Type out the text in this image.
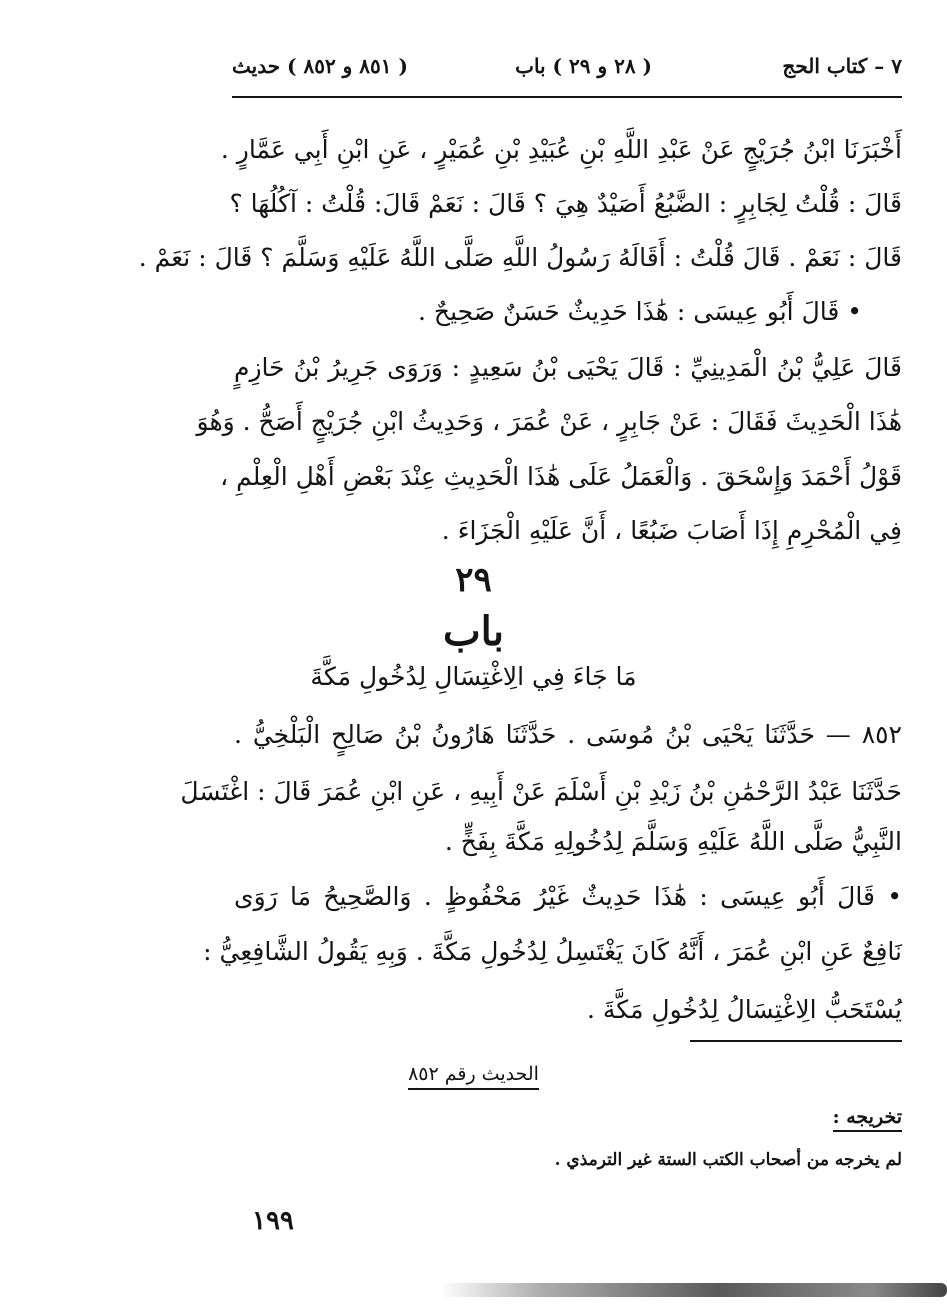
٧ – كتاب الحج
( ٢٨ و ٢٩ ) باب
( ٨٥١ و ٨٥٢ ) حديث
أَخْبَرَنَا ابْنُ جُرَيْجٍ عَنْ عَبْدِ اللَّهِ بْنِ عُبَيْدِ بْنِ عُمَيْرٍ ، عَنِ ابْنِ أَبِي عَمَّارٍ .
قَالَ : قُلْتُ لِجَابِرٍ : الضَّبُعُ أَصَيْدٌ هِيَ ؟ قَالَ : نَعَمْ قَالَ: قُلْتُ : آكُلُهَا ؟
قَالَ : نَعَمْ . قَالَ قُلْتُ : أَقَالَهُ رَسُولُ اللَّهِ صَلَّى اللَّهُ عَلَيْهِ وَسَلَّمَ ؟ قَالَ : نَعَمْ .
• قَالَ أَبُو عِيسَى : هَٰذَا حَدِيثٌ حَسَنٌ صَحِيحٌ .
قَالَ عَلِيُّ بْنُ الْمَدِينِيِّ : قَالَ يَحْيَى بْنُ سَعِيدٍ : وَرَوَى جَرِيرُ بْنُ حَازِمٍ
هَٰذَا الْحَدِيثَ فَقَالَ : عَنْ جَابِرٍ ، عَنْ عُمَرَ ، وَحَدِيثُ ابْنِ جُرَيْجٍ أَصَحُّ . وَهُوَ
قَوْلُ أَحْمَدَ وَإِسْحَقَ . وَالْعَمَلُ عَلَى هَٰذَا الْحَدِيثِ عِنْدَ بَعْضِ أَهْلِ الْعِلْمِ ،
فِي الْمُحْرِمِ إِذَا أَصَابَ ضَبُعًا ، أَنَّ عَلَيْهِ الْجَزَاءَ .
٢٩
باب
مَا جَاءَ فِي الِاغْتِسَالِ لِدُخُولِ مَكَّةَ
٨٥٢ — حَدَّثَنَا يَحْيَى بْنُ مُوسَى . حَدَّثَنَا هَارُونُ بْنُ صَالِحٍ الْبَلْخِيُّ .
حَدَّثَنَا عَبْدُ الرَّحْمَٰنِ بْنُ زَيْدِ بْنِ أَسْلَمَ عَنْ أَبِيهِ ، عَنِ ابْنِ عُمَرَ قَالَ : اغْتَسَلَ
النَّبِيُّ صَلَّى اللَّهُ عَلَيْهِ وَسَلَّمَ لِدُخُولِهِ مَكَّةَ بِفَخٍّ .
• قَالَ أَبُو عِيسَى : هَٰذَا حَدِيثٌ غَيْرُ مَحْفُوظٍ . وَالصَّحِيحُ مَا رَوَى
نَافِعٌ عَنِ ابْنِ عُمَرَ ، أَنَّهُ كَانَ يَغْتَسِلُ لِدُخُولِ مَكَّةَ . وَبِهِ يَقُولُ الشَّافِعِيُّ :
يُسْتَحَبُّ الِاغْتِسَالُ لِدُخُولِ مَكَّةَ .
الحديث رقم ٨٥٢
تخريجه :
لم يخرجه من أصحاب الكتب الستة غير الترمذي .
١٩٩
